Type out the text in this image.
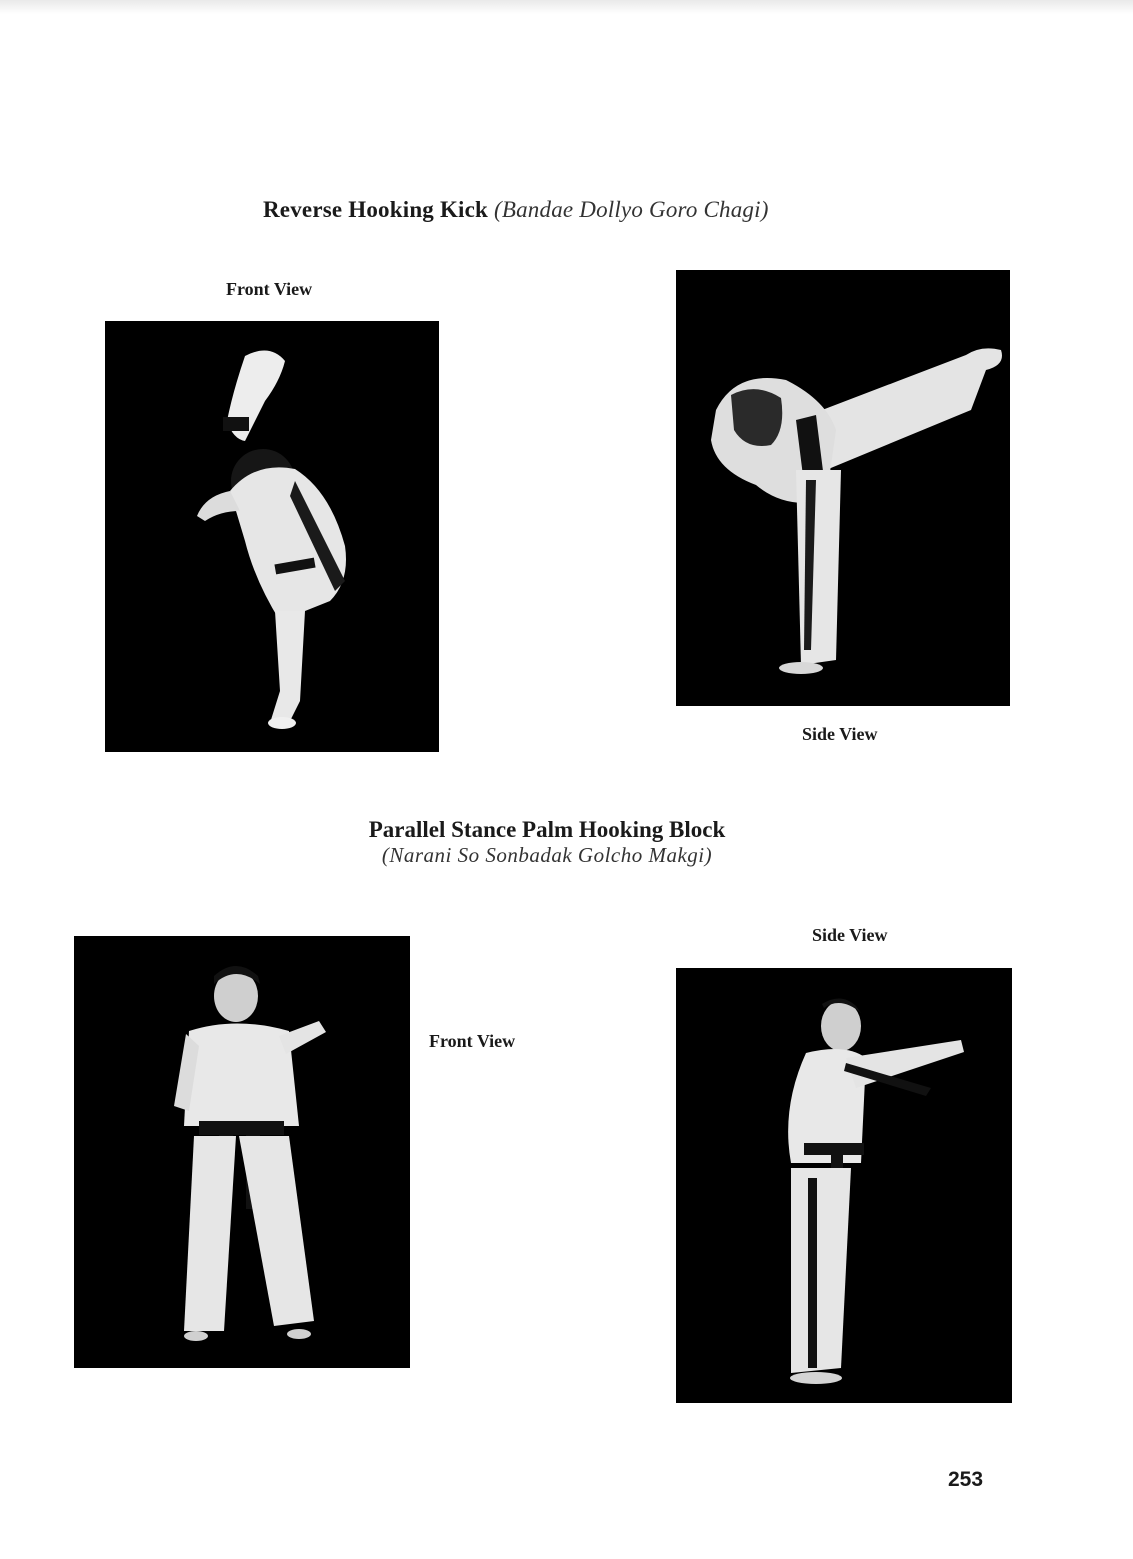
Reverse Hooking Kick (Bandae Dollyo Goro Chagi)
Front View
Side View
Parallel Stance Palm Hooking Block
(Narani So Sonbadak Golcho Makgi)
Front View
Side View
253
